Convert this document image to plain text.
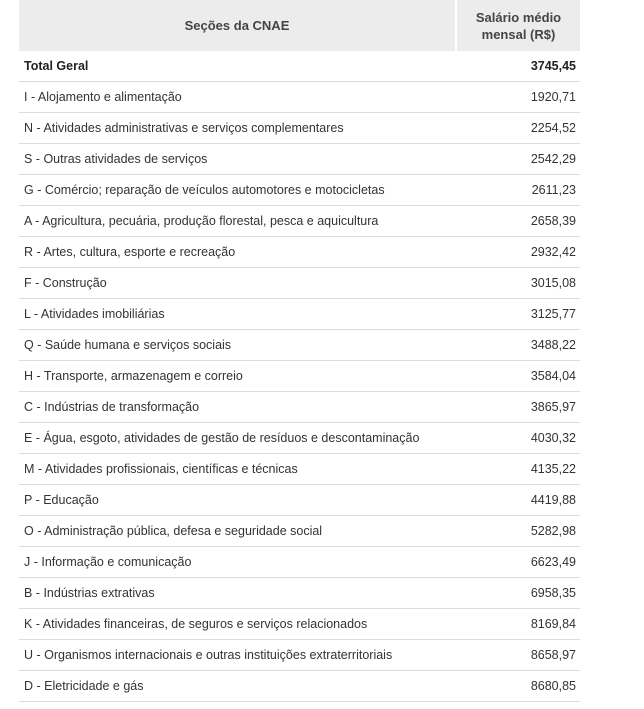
Seções da CNAE	Salário médio mensal (R$)
Total Geral	3745,45
I - Alojamento e alimentação	1920,71
N - Atividades administrativas e serviços complementares	2254,52
S - Outras atividades de serviços	2542,29
G - Comércio; reparação de veículos automotores e motocicletas	2611,23
A - Agricultura, pecuária, produção florestal, pesca e aquicultura	2658,39
R - Artes, cultura, esporte e recreação	2932,42
F - Construção	3015,08
L - Atividades imobiliárias	3125,77
Q - Saúde humana e serviços sociais	3488,22
H - Transporte, armazenagem e correio	3584,04
C - Indústrias de transformação	3865,97
E - Água, esgoto, atividades de gestão de resíduos e descontaminação	4030,32
M - Atividades profissionais, científicas e técnicas	4135,22
P - Educação	4419,88
O - Administração pública, defesa e seguridade social	5282,98
J - Informação e comunicação	6623,49
B - Indústrias extrativas	6958,35
K - Atividades financeiras, de seguros e serviços relacionados	8169,84
U - Organismos internacionais e outras instituições extraterritoriais	8658,97
D - Eletricidade e gás	8680,85
